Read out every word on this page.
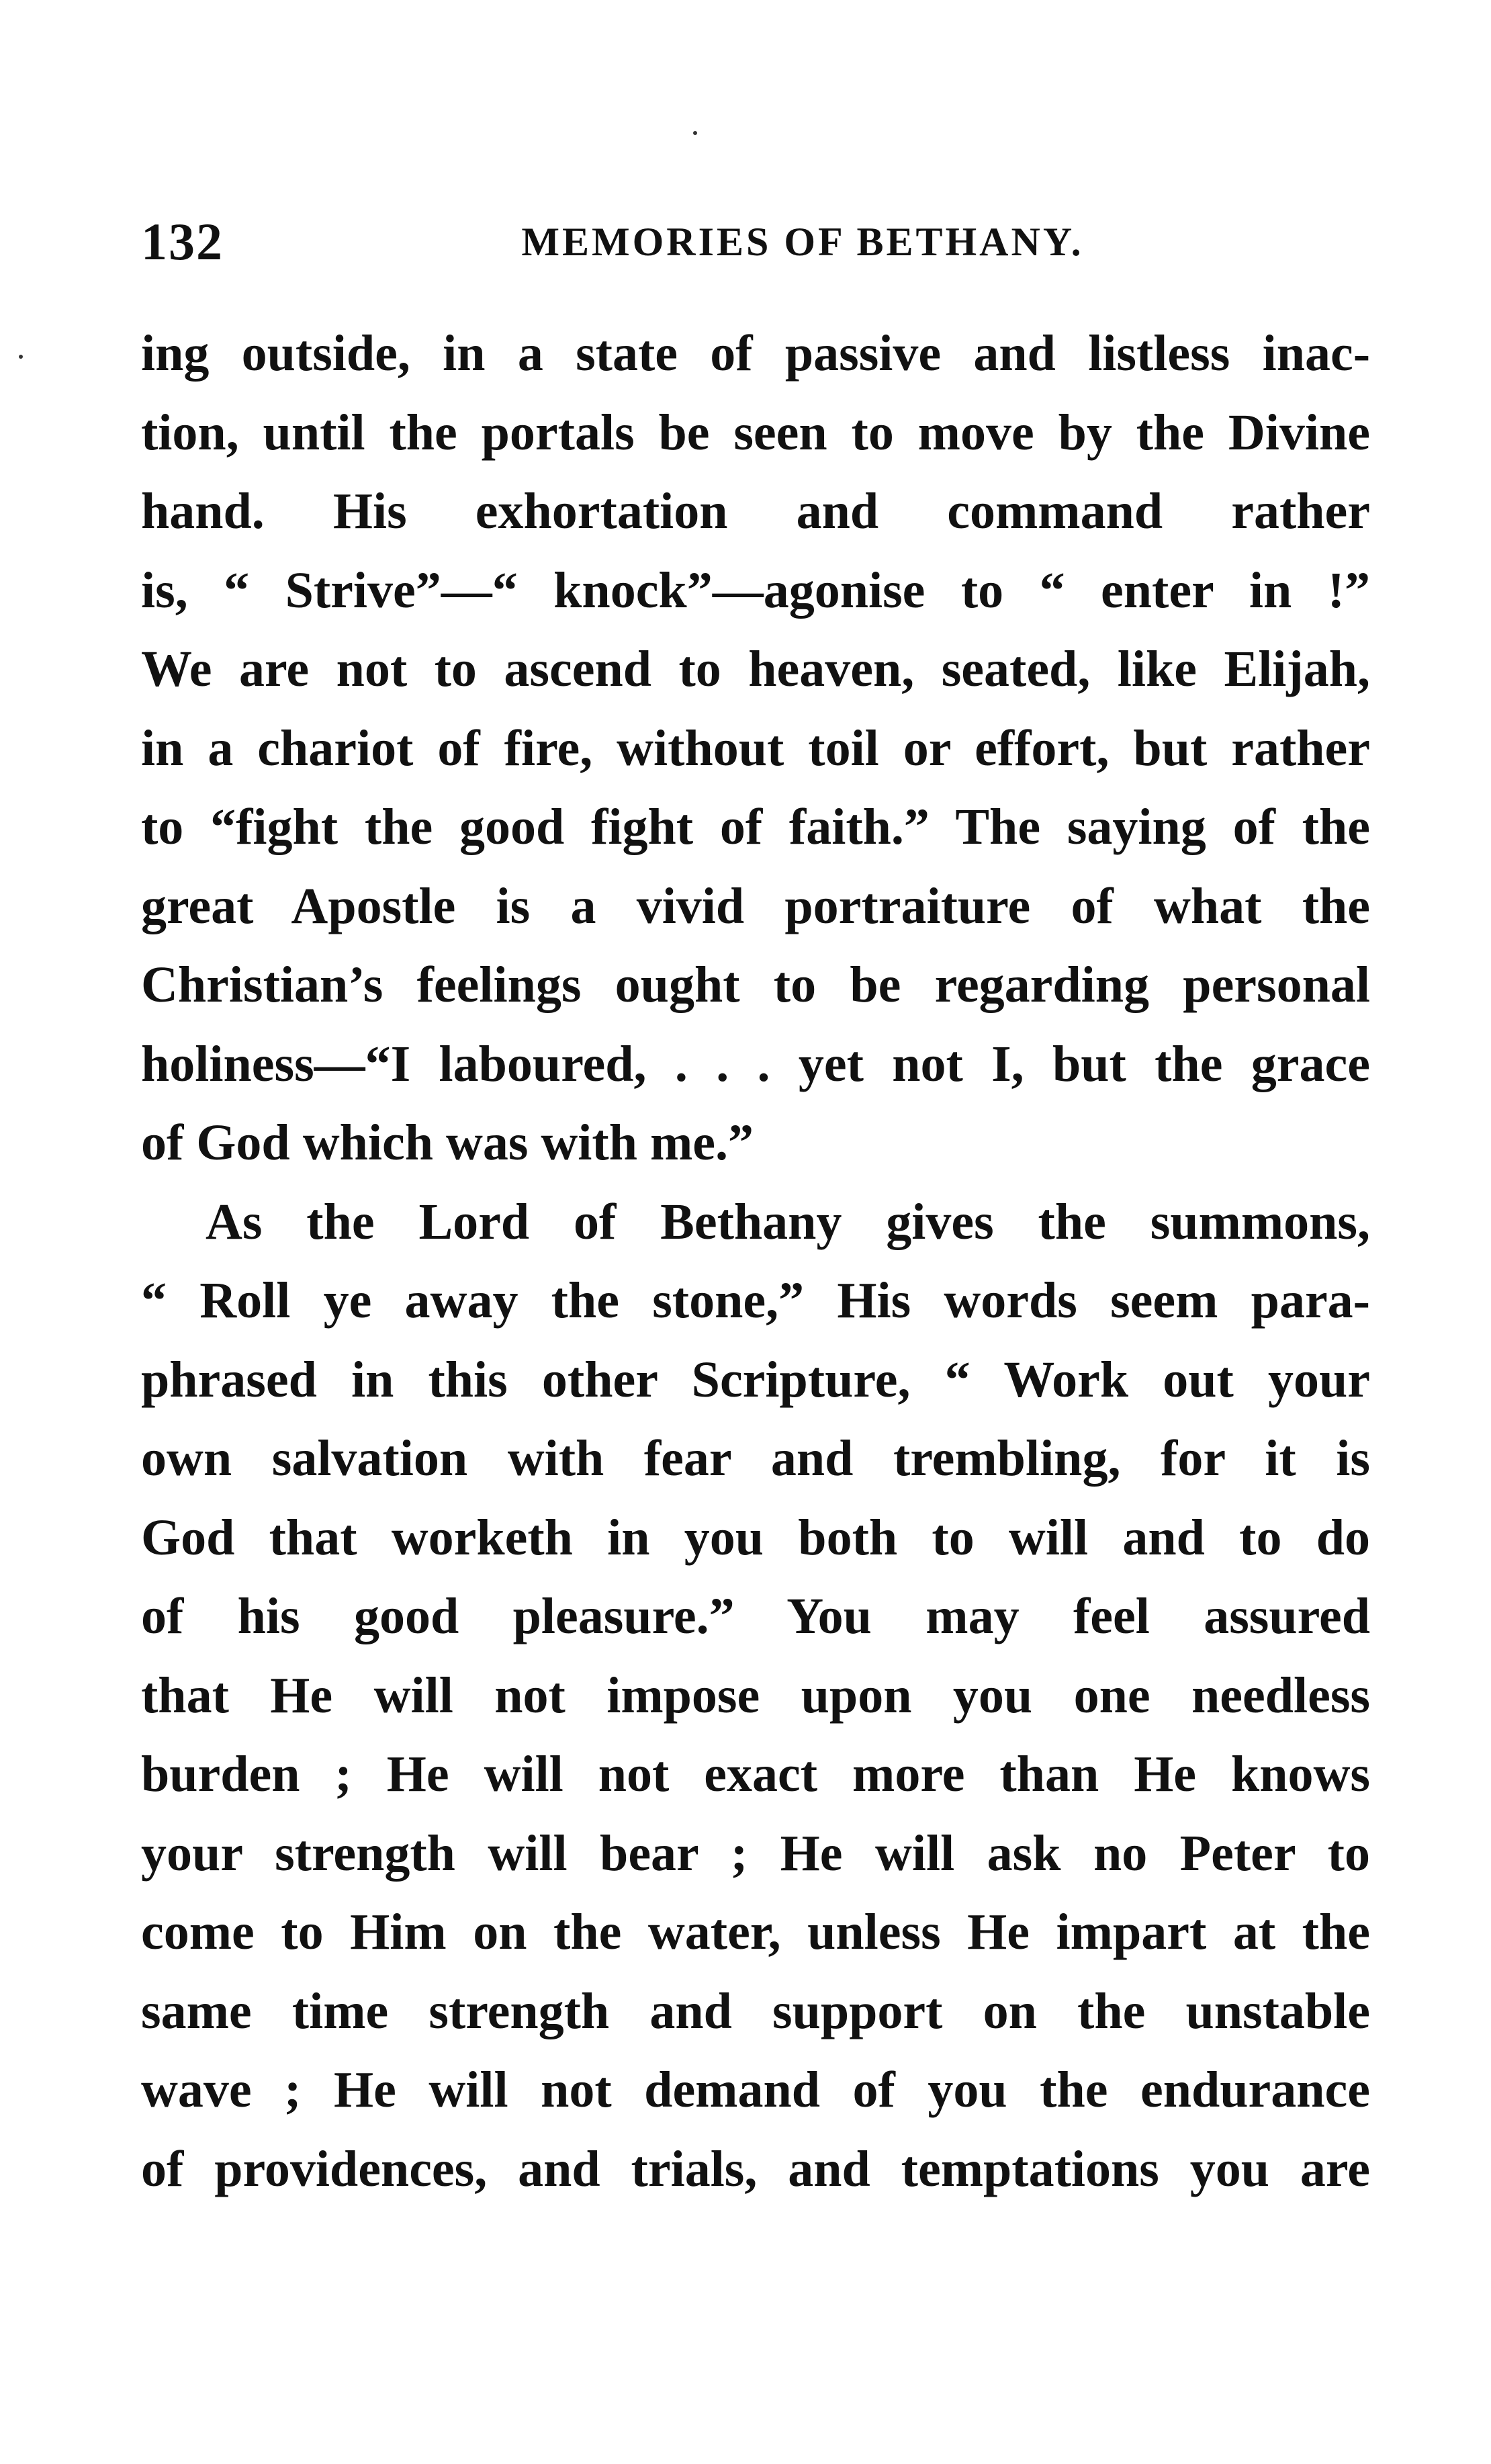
132	MEMORIES OF BETHANY.
ing outside, in a state of passive and listless inac-
tion, until the portals be seen to move by the Divine
hand. His exhortation and command rather
is, “ Strive”—“ knock”—agonise to “ enter in !”
We are not to ascend to heaven, seated, like Elijah,
in a chariot of fire, without toil or effort, but rather
to “fight the good fight of faith.” The saying of the
great Apostle is a vivid portraiture of what the
Christian’s feelings ought to be regarding personal
holiness—“I laboured, . . . yet not I, but the grace
of God which was with me.”
As the Lord of Bethany gives the summons,
“ Roll ye away the stone,” His words seem para-
phrased in this other Scripture, “ Work out your
own salvation with fear and trembling, for it is
God that worketh in you both to will and to do
of his good pleasure.” You may feel assured
that He will not impose upon you one needless
burden ; He will not exact more than He knows
your strength will bear ; He will ask no Peter to
come to Him on the water, unless He impart at the
same time strength and support on the unstable
wave ; He will not demand of you the endurance
of providences, and trials, and temptations you are
